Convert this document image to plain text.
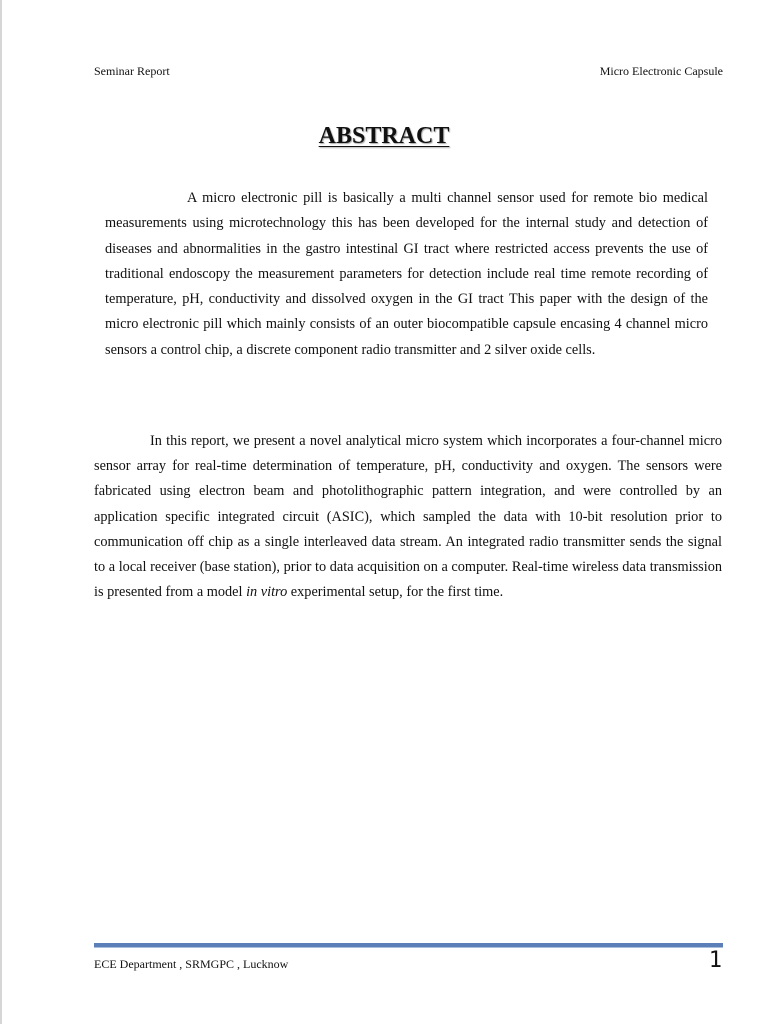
Seminar Report	Micro Electronic Capsule
ABSTRACT

A micro electronic pill is basically a multi channel sensor used for remote bio medical measurements using microtechnology this has been developed for the internal study and detection of diseases and abnormalities in the gastro intestinal GI tract where restricted access prevents the use of traditional endoscopy the measurement parameters for detection include real time remote recording of temperature, pH, conductivity and dissolved oxygen in the GI tract This paper with the design of the micro electronic pill which mainly consists of an outer biocompatible capsule encasing 4 channel micro sensors a control chip, a discrete component radio transmitter and 2 silver oxide cells.

In this report, we present a novel analytical micro system which incorporates a four-channel micro sensor array for real-time determination of temperature, pH, conductivity and oxygen. The sensors were fabricated using electron beam and photolithographic pattern integration, and were controlled by an application specific integrated circuit (ASIC), which sampled the data with 10-bit resolution prior to communication off chip as a single interleaved data stream. An integrated radio transmitter sends the signal to a local receiver (base station), prior to data acquisition on a computer. Real-time wireless data transmission is presented from a model in vitro experimental setup, for the first time.

ECE Department , SRMGPC , Lucknow	1
